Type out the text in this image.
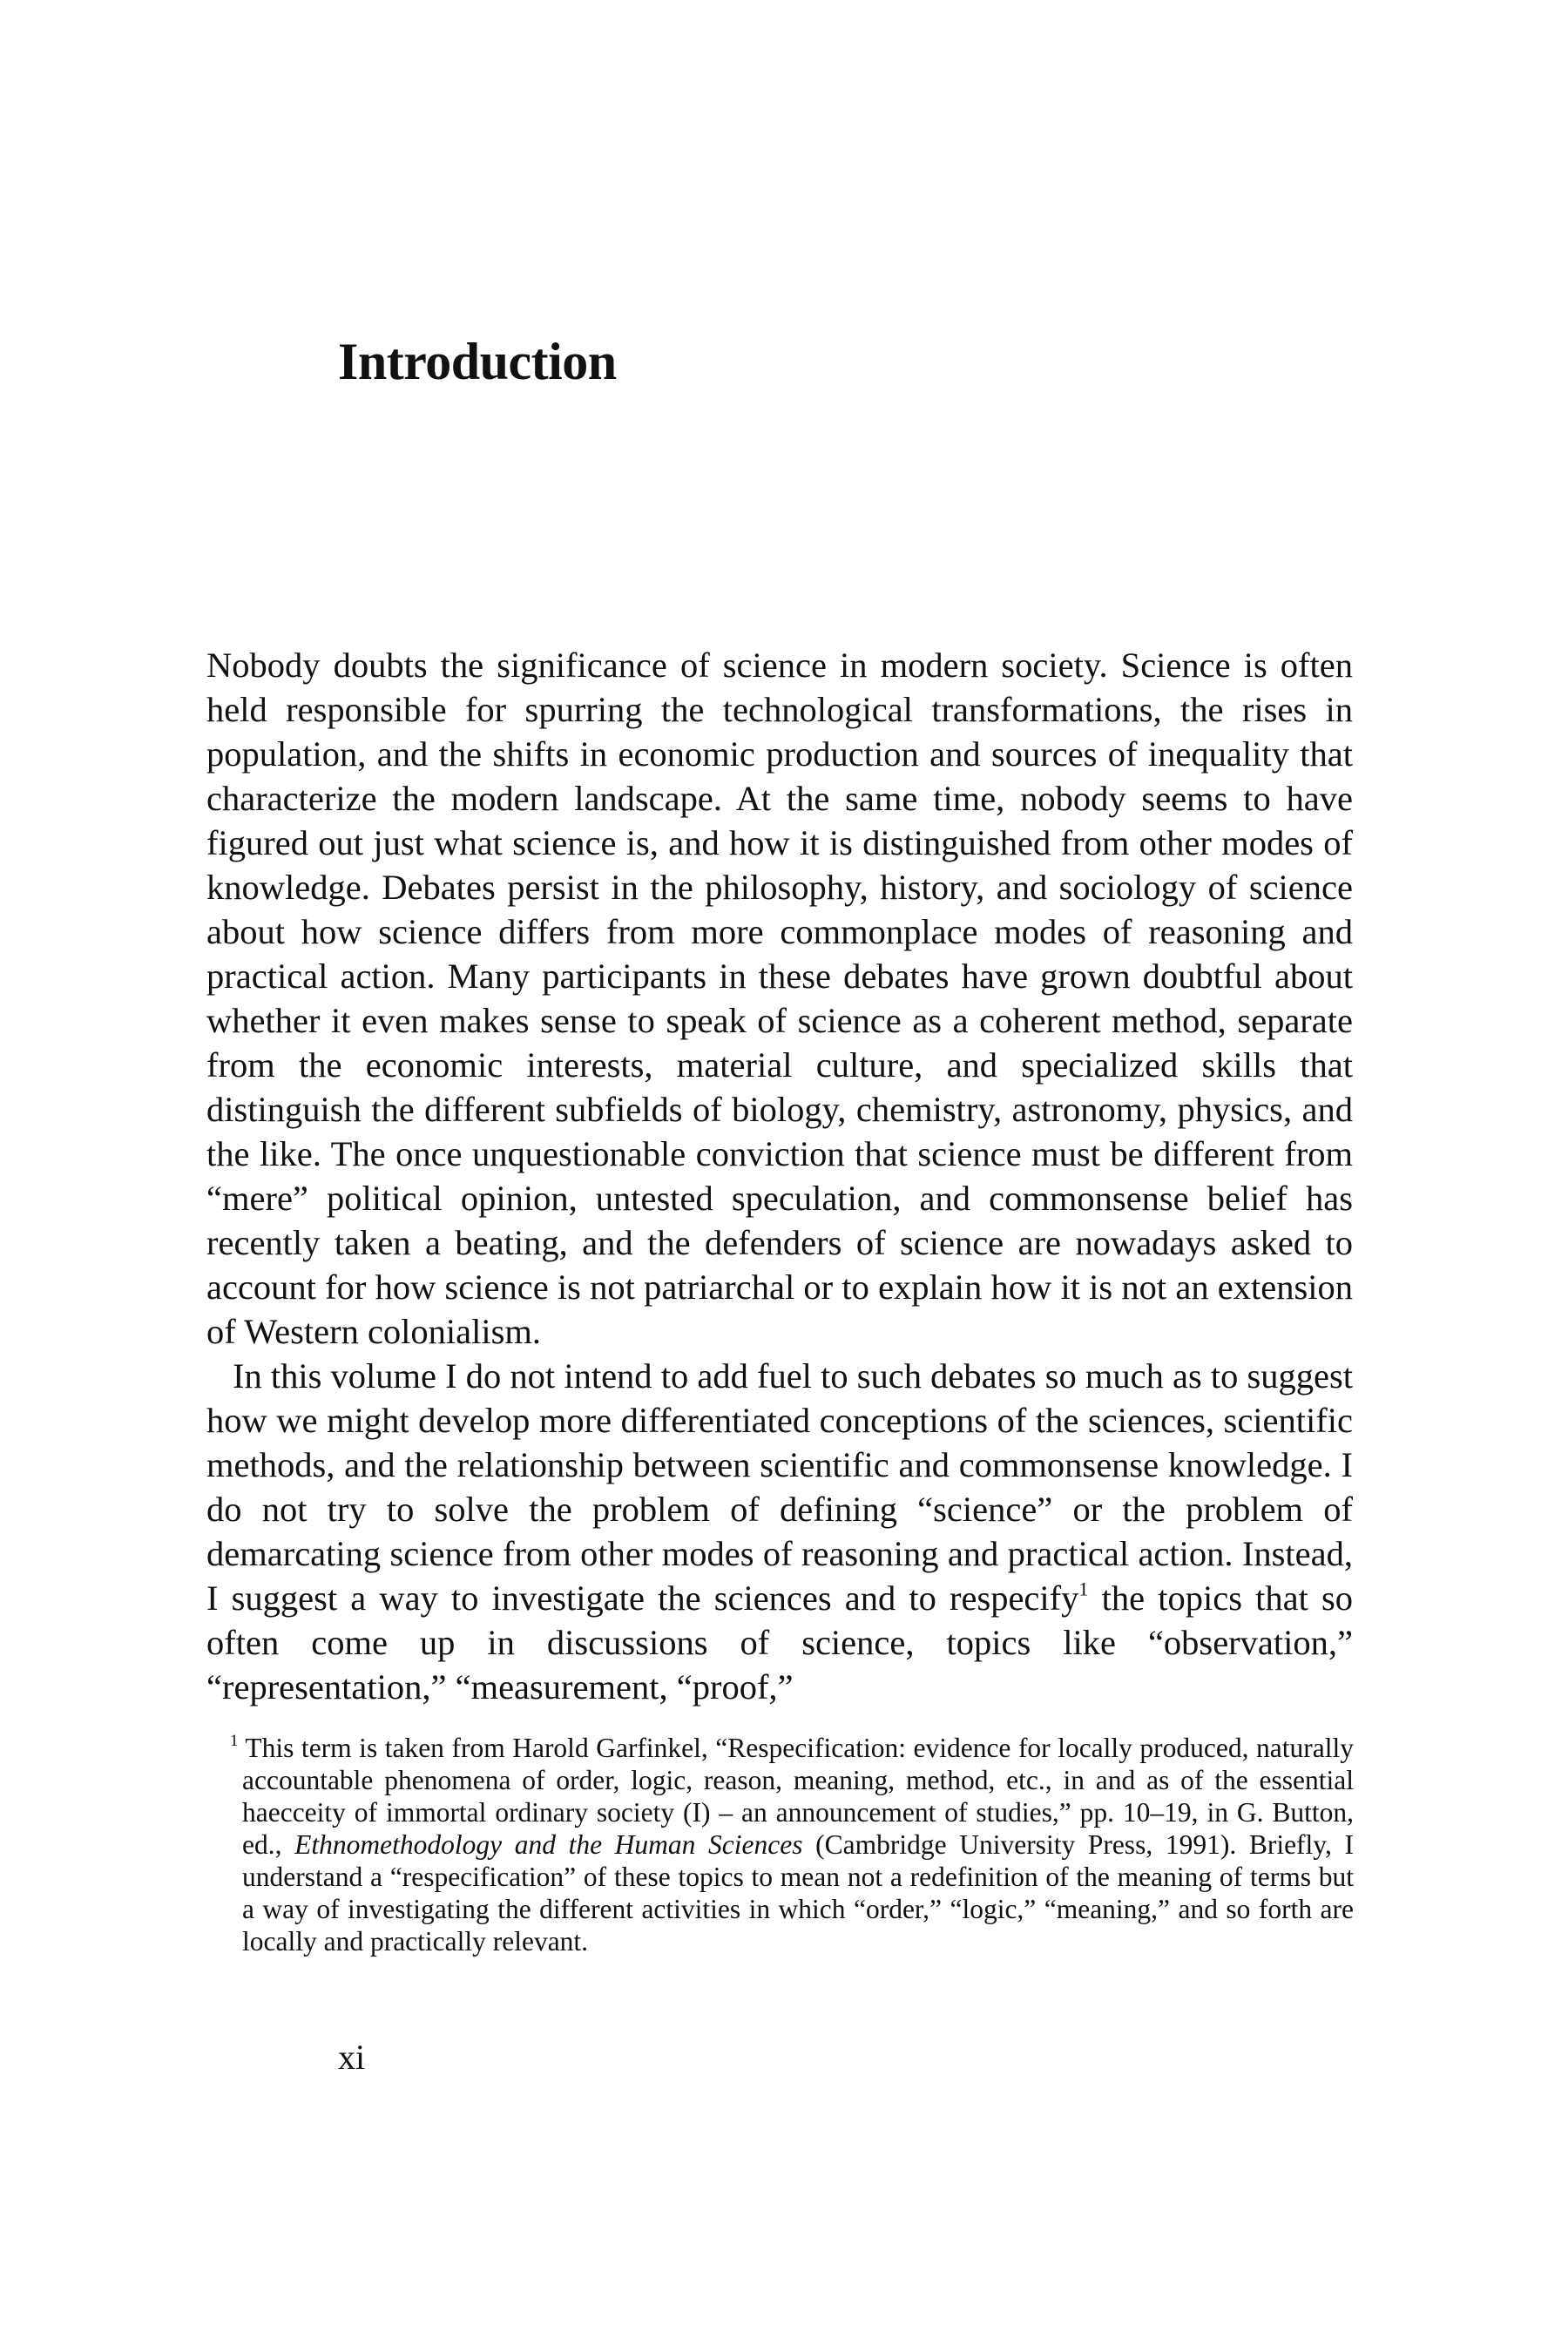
Introduction

Nobody doubts the significance of science in modern society. Science is often held responsible for spurring the technological transformations, the rises in population, and the shifts in economic production and sources of inequality that characterize the modern landscape. At the same time, nobody seems to have figured out just what science is, and how it is distinguished from other modes of knowledge. Debates persist in the philosophy, history, and sociology of science about how science differs from more commonplace modes of reasoning and practical action. Many participants in these debates have grown doubtful about whether it even makes sense to speak of science as a coherent method, separate from the economic interests, material culture, and specialized skills that distinguish the different subfields of biology, chemistry, astronomy, physics, and the like. The once unquestionable conviction that science must be different from “mere” political opinion, untested speculation, and commonsense belief has recently taken a beating, and the defenders of science are nowadays asked to account for how science is not patriarchal or to explain how it is not an extension of Western colonialism.

In this volume I do not intend to add fuel to such debates so much as to suggest how we might develop more differentiated conceptions of the sciences, scientific methods, and the relationship between scientific and commonsense knowledge. I do not try to solve the problem of defining “science” or the problem of demarcating science from other modes of reasoning and practical action. Instead, I suggest a way to investigate the sciences and to respecify$^1$ the topics that so often come up in discussions of science, topics like “observation,” “representation,” “measurement, “proof,”

$^1$ This term is taken from Harold Garfinkel, “Respecification: evidence for locally produced, naturally accountable phenomena of order, logic, reason, meaning, method, etc., in and as of the essential haecceity of immortal ordinary society (I) – an announcement of studies,” pp. 10–19, in G. Button, ed., Ethnomethodology and the Human Sciences (Cambridge University Press, 1991). Briefly, I understand a “respecification” of these topics to mean not a redefinition of the meaning of terms but a way of investigating the different activities in which “order,” “logic,” “meaning,” and so forth are locally and practically relevant.

xi
